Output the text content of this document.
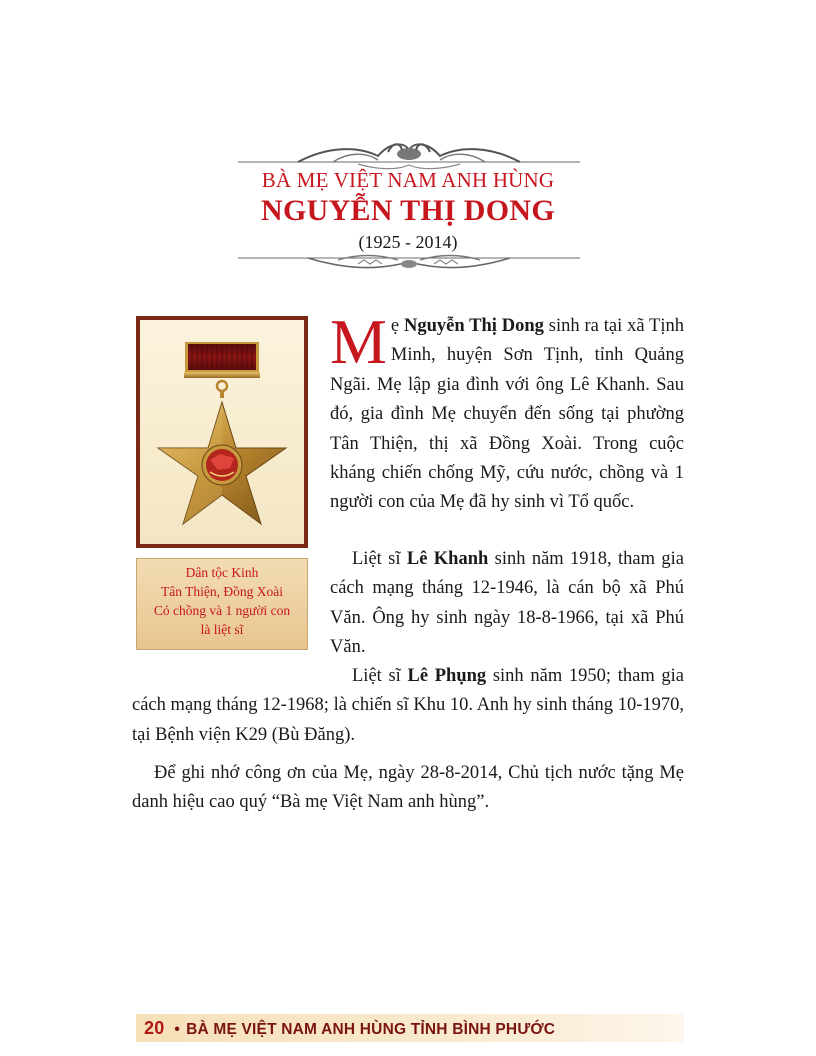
BÀ MẸ VIỆT NAM ANH HÙNG
NGUYỄN THỊ DONG
(1925 - 2014)
Dân tộc Kinh
Tân Thiện, Đồng Xoài
Có chồng và 1 người con
là liệt sĩ
Mẹ Nguyễn Thị Dong sinh ra tại xã Tịnh Minh, huyện Sơn Tịnh, tỉnh Quảng Ngãi. Mẹ lập gia đình với ông Lê Khanh. Sau đó, gia đình Mẹ chuyển đến sống tại phường Tân Thiện, thị xã Đồng Xoài. Trong cuộc kháng chiến chống Mỹ, cứu nước, chồng và 1 người con của Mẹ đã hy sinh vì Tổ quốc.
Liệt sĩ Lê Khanh sinh năm 1918, tham gia cách mạng tháng 12-1946, là cán bộ xã Phú Văn. Ông hy sinh ngày 18-8-1966, tại xã Phú Văn.
Liệt sĩ Lê Phụng sinh năm 1950; tham gia cách mạng tháng 12-1968; là chiến sĩ Khu 10. Anh hy sinh tháng 10-1970, tại Bệnh viện K29 (Bù Đăng).
Để ghi nhớ công ơn của Mẹ, ngày 28-8-2014, Chủ tịch nước tặng Mẹ danh hiệu cao quý “Bà mẹ Việt Nam anh hùng”.
20 • BÀ MẸ VIỆT NAM ANH HÙNG TỈNH BÌNH PHƯỚC
